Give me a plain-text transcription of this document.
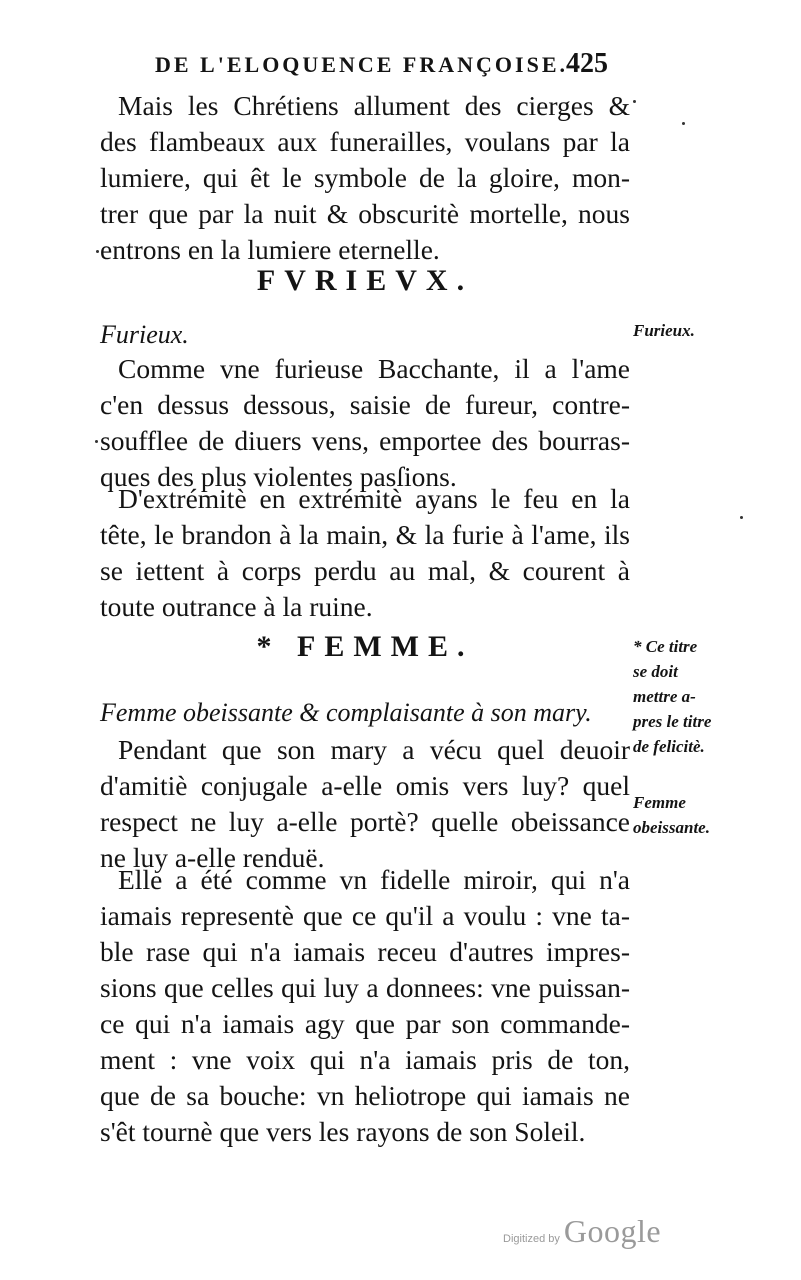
DE L'ELOQUENCE FRANÇOISE.
425
Mais les Chrétiens allument des cierges &
des flambeaux aux funerailles, voulans par la
lumiere, qui êt le symbole de la gloire, mon-
trer que par la nuit & obscuritè mortelle, nous
entrons en la lumiere eternelle.
FVRIEVX.
Furieux.	Furieux.
Comme vne furieuse Bacchante, il a l'ame
c'en dessus dessous, saisie de fureur, contre-
soufflee de diuers vens, emportee des bourras-
ques des plus violentes pasſions.
D'extrémitè en extrémitè ayans le feu en la
tête, le brandon à la main, & la furie à l'ame, ils
se iettent à corps perdu au mal, & courent à
toute outrance à la ruine.
* FEMME.	* Ce titre
se doit
mettre a-
pres le titre
de felicitè.
Femme obeissante & complaisante à son mary.
Pendant que son mary a vécu quel deuoir
d'amitiè conjugale a-elle omis vers luy? quel
respect ne luy a-elle portè? quelle obeissance
ne luy a-elle renduë.
Femme
obeissante.
Elle a été comme vn fidelle miroir, qui n'a
iamais representè que ce qu'il a voulu : vne ta-
ble rase qui n'a iamais receu d'autres impres-
sions que celles qui luy a donnees: vne puissan-
ce qui n'a iamais agy que par son commande-
ment : vne voix qui n'a iamais pris de ton,
que de sa bouche: vn heliotrope qui iamais ne
s'êt tournè que vers les rayons de son Soleil.
Digitized by Google
